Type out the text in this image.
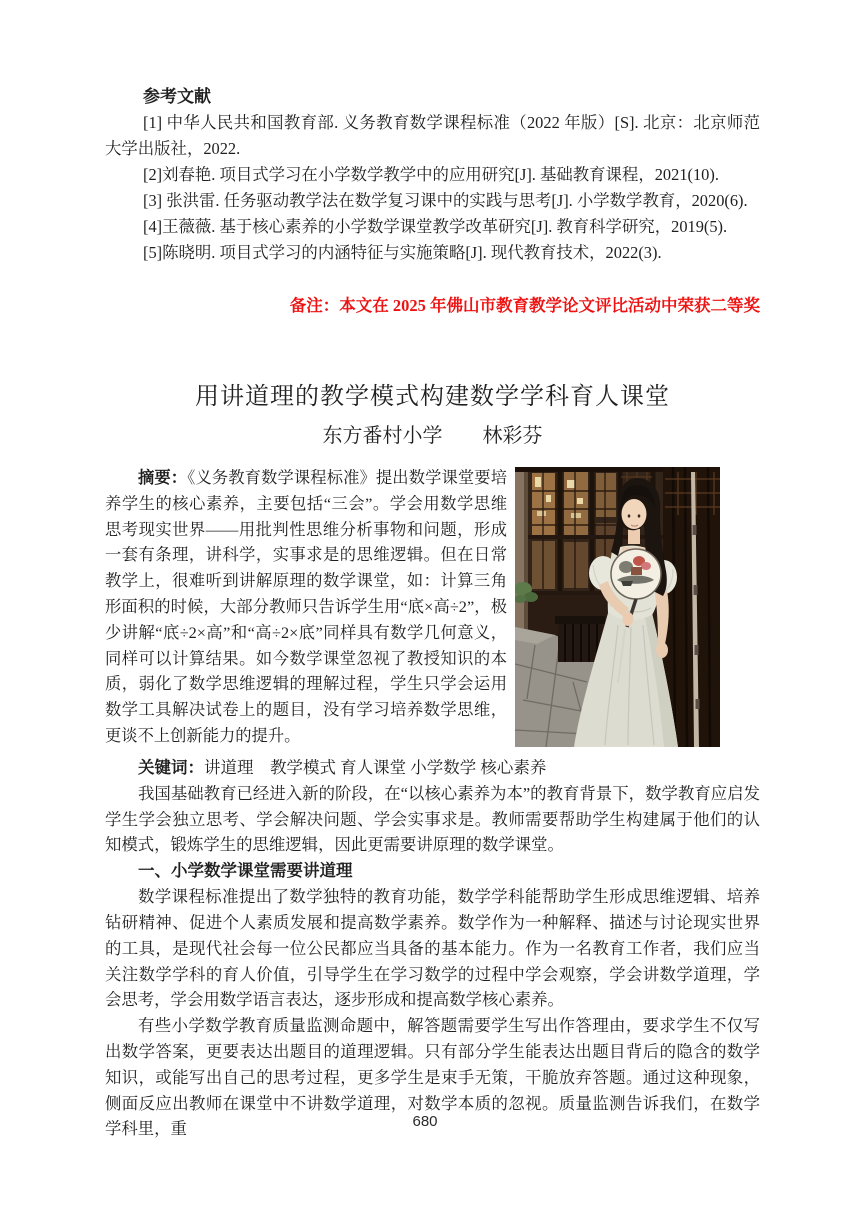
参考文献

[1] 中华人民共和国教育部. 义务教育数学课程标准（2022 年版）[S]. 北京：北京师范大学出版社，2022.

[2]刘春艳. 项目式学习在小学数学教学中的应用研究[J]. 基础教育课程，2021(10).

[3] 张洪雷. 任务驱动教学法在数学复习课中的实践与思考[J]. 小学数学教育，2020(6).

[4]王薇薇. 基于核心素养的小学数学课堂教学改革研究[J]. 教育科学研究，2019(5).

[5]陈晓明. 项目式学习的内涵特征与实施策略[J]. 现代教育技术，2022(3).

备注：本文在 2025 年佛山市教育教学论文评比活动中荣获二等奖

用讲道理的教学模式构建数学学科育人课堂

东方番村小学　　林彩芬

摘要：《义务教育数学课程标准》提出数学课堂要培养学生的核心素养，主要包括“三会”。学会用数学思维思考现实世界——用批判性思维分析事物和问题，形成一套有条理，讲科学，实事求是的思维逻辑。但在日常教学上，很难听到讲解原理的数学课堂，如：计算三角形面积的时候，大部分教师只告诉学生用“底×高÷2”，极少讲解“底÷2×高”和“高÷2×底”同样具有数学几何意义，同样可以计算结果。如今数学课堂忽视了教授知识的本质，弱化了数学思维逻辑的理解过程，学生只学会运用数学工具解决试卷上的题目，没有学习培养数学思维，更谈不上创新能力的提升。

关键词：讲道理　教学模式 育人课堂 小学数学 核心素养

我国基础教育已经进入新的阶段，在“以核心素养为本”的教育背景下，数学教育应启发学生学会独立思考、学会解决问题、学会实事求是。教师需要帮助学生构建属于他们的认知模式，锻炼学生的思维逻辑，因此更需要讲原理的数学课堂。

一、小学数学课堂需要讲道理

数学课程标准提出了数学独特的教育功能，数学学科能帮助学生形成思维逻辑、培养钻研精神、促进个人素质发展和提高数学素养。数学作为一种解释、描述与讨论现实世界的工具，是现代社会每一位公民都应当具备的基本能力。作为一名教育工作者，我们应当关注数学学科的育人价值，引导学生在学习数学的过程中学会观察，学会讲数学道理，学会思考，学会用数学语言表达，逐步形成和提高数学核心素养。

有些小学数学教育质量监测命题中，解答题需要学生写出作答理由，要求学生不仅写出数学答案，更要表达出题目的道理逻辑。只有部分学生能表达出题目背后的隐含的数学知识，或能写出自己的思考过程，更多学生是束手无策，干脆放弃答题。通过这种现象，侧面反应出教师在课堂中不讲数学道理，对数学本质的忽视。质量监测告诉我们，在数学学科里，重	680
